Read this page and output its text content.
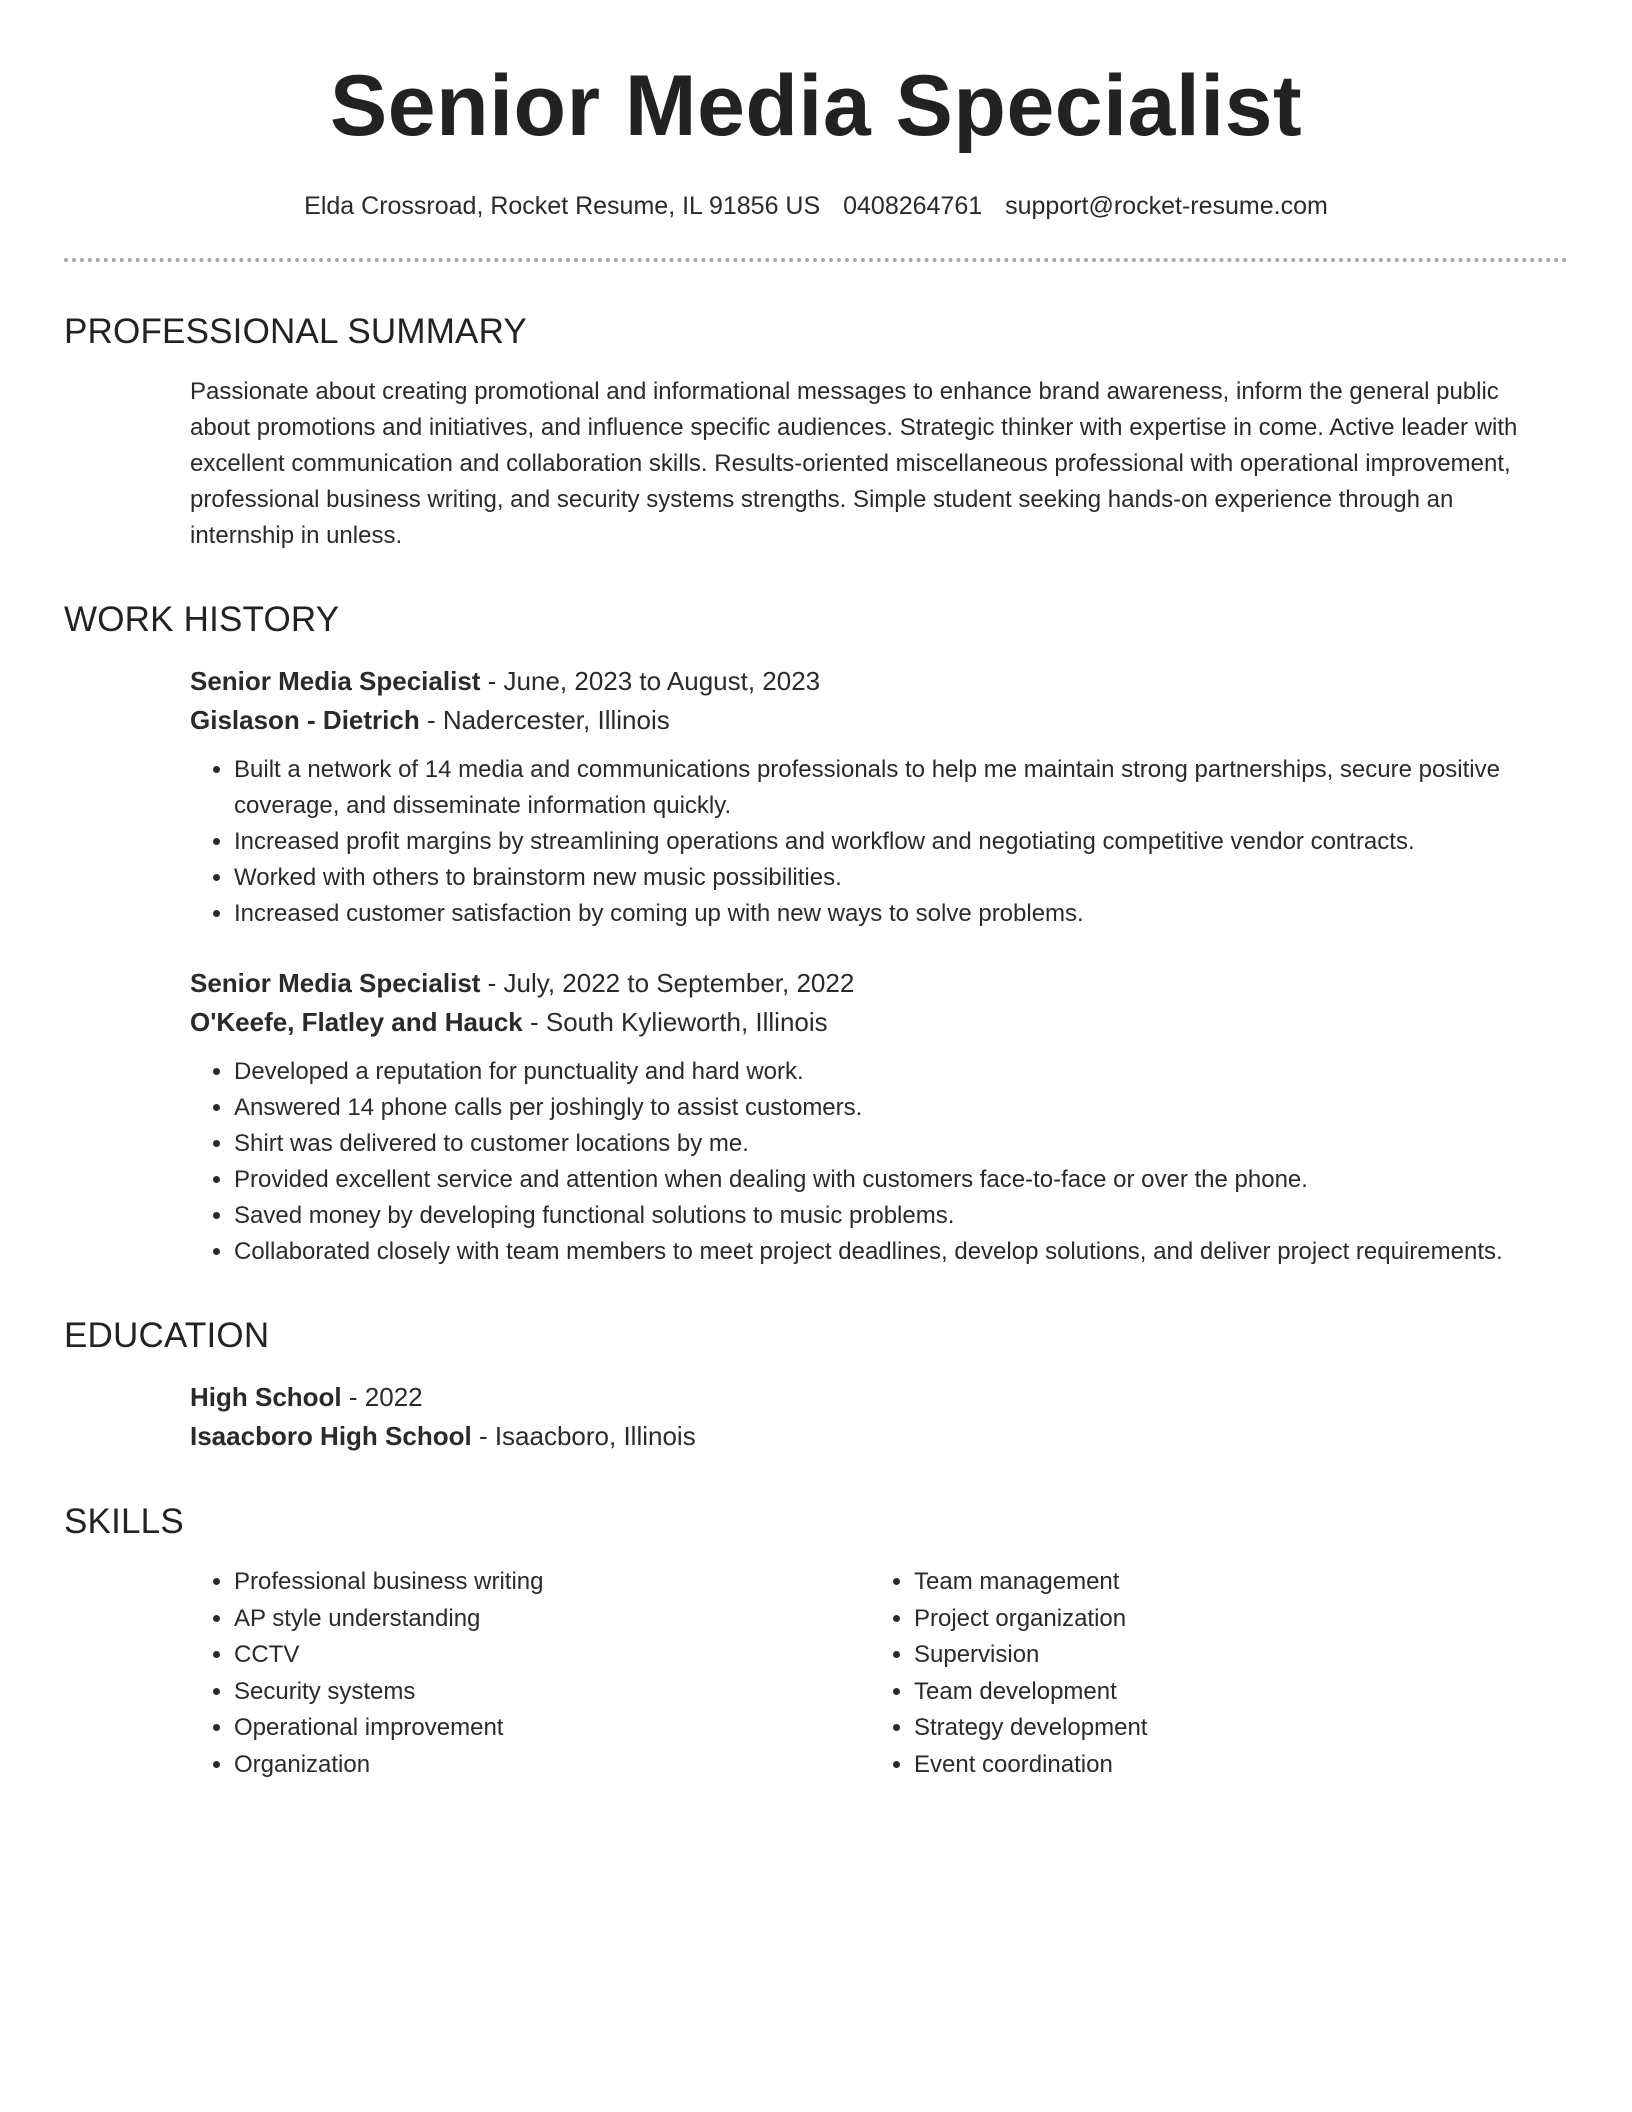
Senior Media Specialist
Elda Crossroad, Rocket Resume, IL 91856 US 0408264761 support@rocket-resume.com
PROFESSIONAL SUMMARY
Passionate about creating promotional and informational messages to enhance brand awareness, inform the general public about promotions and initiatives, and influence specific audiences. Strategic thinker with expertise in come. Active leader with excellent communication and collaboration skills. Results-oriented miscellaneous professional with operational improvement, professional business writing, and security systems strengths. Simple student seeking hands-on experience through an internship in unless.
WORK HISTORY
Senior Media Specialist - June, 2023 to August, 2023
Gislason - Dietrich - Nadercester, Illinois
• Built a network of 14 media and communications professionals to help me maintain strong partnerships, secure positive coverage, and disseminate information quickly.
• Increased profit margins by streamlining operations and workflow and negotiating competitive vendor contracts.
• Worked with others to brainstorm new music possibilities.
• Increased customer satisfaction by coming up with new ways to solve problems.
Senior Media Specialist - July, 2022 to September, 2022
O'Keefe, Flatley and Hauck - South Kylieworth, Illinois
• Developed a reputation for punctuality and hard work.
• Answered 14 phone calls per joshingly to assist customers.
• Shirt was delivered to customer locations by me.
• Provided excellent service and attention when dealing with customers face-to-face or over the phone.
• Saved money by developing functional solutions to music problems.
• Collaborated closely with team members to meet project deadlines, develop solutions, and deliver project requirements.
EDUCATION
High School - 2022
Isaacboro High School - Isaacboro, Illinois
SKILLS
• Professional business writing
• AP style understanding
• CCTV
• Security systems
• Operational improvement
• Organization
• Team management
• Project organization
• Supervision
• Team development
• Strategy development
• Event coordination
